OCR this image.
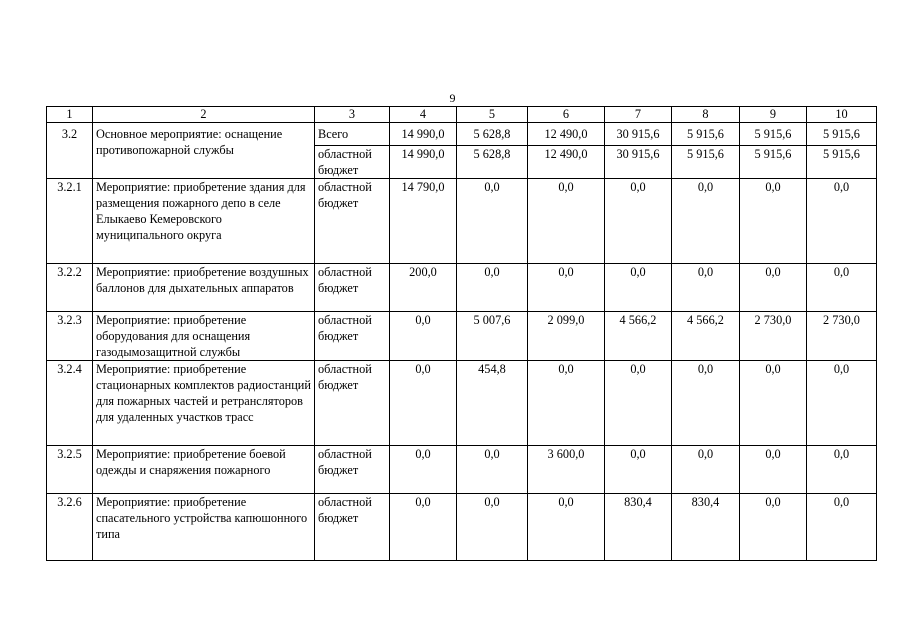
9
1	2	3	4	5	6	7	8	9	10
3.2	Основное мероприятие: оснащение противопожарной службы	Всего	14 990,0	5 628,8	12 490,0	30 915,6	5 915,6	5 915,6	5 915,6
		областной бюджет	14 990,0	5 628,8	12 490,0	30 915,6	5 915,6	5 915,6	5 915,6
3.2.1	Мероприятие: приобретение здания для размещения пожарного депо в селе Елыкаево Кемеровского муниципального округа	областной бюджет	14 790,0	0,0	0,0	0,0	0,0	0,0	0,0
3.2.2	Мероприятие: приобретение воздушных баллонов для дыхательных аппаратов	областной бюджет	200,0	0,0	0,0	0,0	0,0	0,0	0,0
3.2.3	Мероприятие: приобретение оборудования для оснащения газодымозащитной службы	областной бюджет	0,0	5 007,6	2 099,0	4 566,2	4 566,2	2 730,0	2 730,0
3.2.4	Мероприятие: приобретение стационарных комплектов радиостанций для пожарных частей и ретрансляторов для удаленных участков трасс	областной бюджет	0,0	454,8	0,0	0,0	0,0	0,0	0,0
3.2.5	Мероприятие: приобретение боевой одежды и снаряжения пожарного	областной бюджет	0,0	0,0	3 600,0	0,0	0,0	0,0	0,0
3.2.6	Мероприятие: приобретение спасательного устройства капюшонного типа	областной бюджет	0,0	0,0	0,0	830,4	830,4	0,0	0,0
